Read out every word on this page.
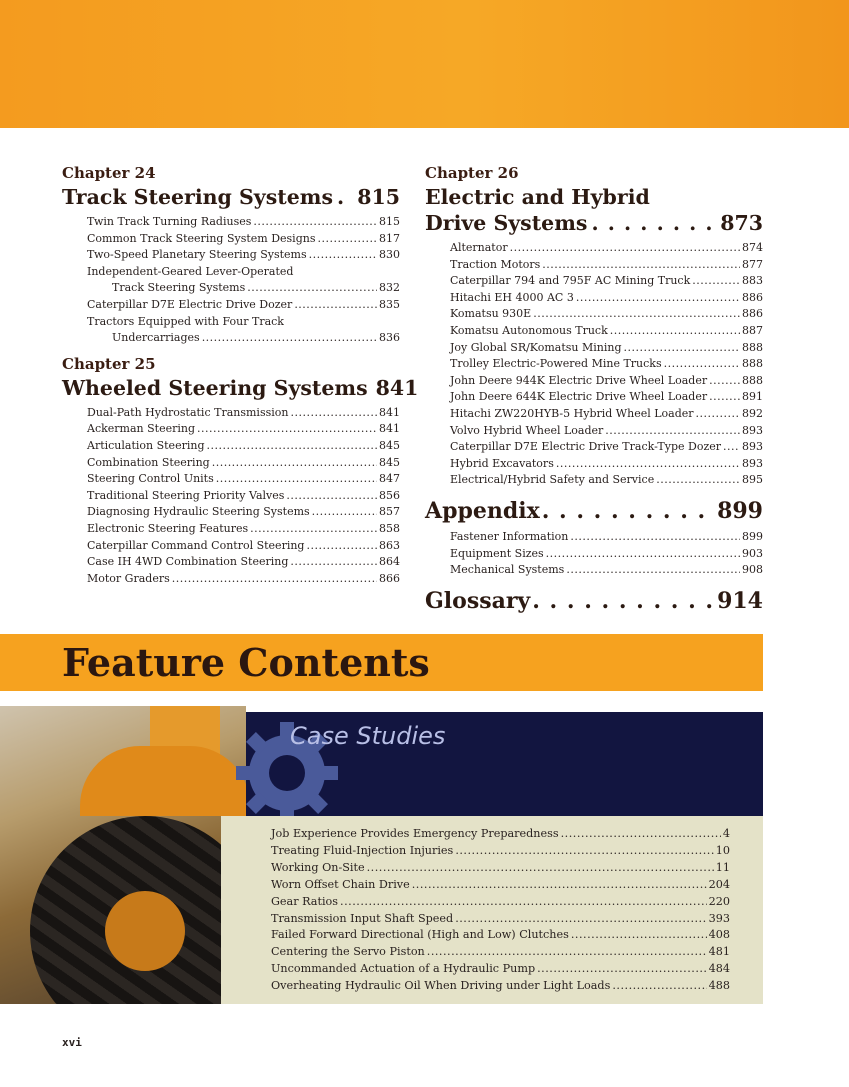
Chapter 24
Track Steering Systems . . . 815
Twin Track Turning Radiuses .....	815
Common Track Steering System Designs .....	817
Two-Speed Planetary Steering Systems .....	830
Independent-Geared Lever-Operated
Track Steering Systems .....	832
Caterpillar D7E Electric Drive Dozer .....	835
Tractors Equipped with Four Track
Undercarriages .....	836
Chapter 25
Wheeled Steering Systems 841
Dual-Path Hydrostatic Transmission .....	841
Ackerman Steering .....	841
Articulation Steering .....	845
Combination Steering .....	845
Steering Control Units .....	847
Traditional Steering Priority Valves .....	856
Diagnosing Hydraulic Steering Systems .....	857
Electronic Steering Features .....	858
Caterpillar Command Control Steering .....	863
Case IH 4WD Combination Steering .....	864
Motor Graders .....	866
Chapter 26
Electric and Hybrid
Drive Systems . . .	873
Alternator .....	874
Traction Motors .....	877
Caterpillar 794 and 795F AC Mining Truck .....	883
Hitachi EH 4000 AC 3 .....	886
Komatsu 930E .....	886
Komatsu Autonomous Truck .....	887
Joy Global SR/Komatsu Mining .....	888
Trolley Electric-Powered Mine Trucks .....	888
John Deere 944K Electric Drive Wheel Loader .....	888
John Deere 644K Electric Drive Wheel Loader .....	891
Hitachi ZW220HYB-5 Hybrid Wheel Loader .....	892
Volvo Hybrid Wheel Loader .....	893
Caterpillar D7E Electric Drive Track-Type Dozer ..... 893
Hybrid Excavators .....	893
Electrical/Hybrid Safety and Service .....	895
Appendix . . .	899
Fastener Information .....	899
Equipment Sizes .....	903
Mechanical Systems .....	908
Glossary . . .	914
Feature Contents
Case Studies
Job Experience Provides Emergency Preparedness .....	4
Treating Fluid-Injection Injuries .....	10
Working On-Site .....	11
Worn Offset Chain Drive .....	204
Gear Ratios .....	220
Transmission Input Shaft Speed .....	393
Failed Forward Directional (High and Low) Clutches .....	408
Centering the Servo Piston .....	481
Uncommanded Actuation of a Hydraulic Pump .....	484
Overheating Hydraulic Oil When Driving under Light Loads .....	488
xvi
